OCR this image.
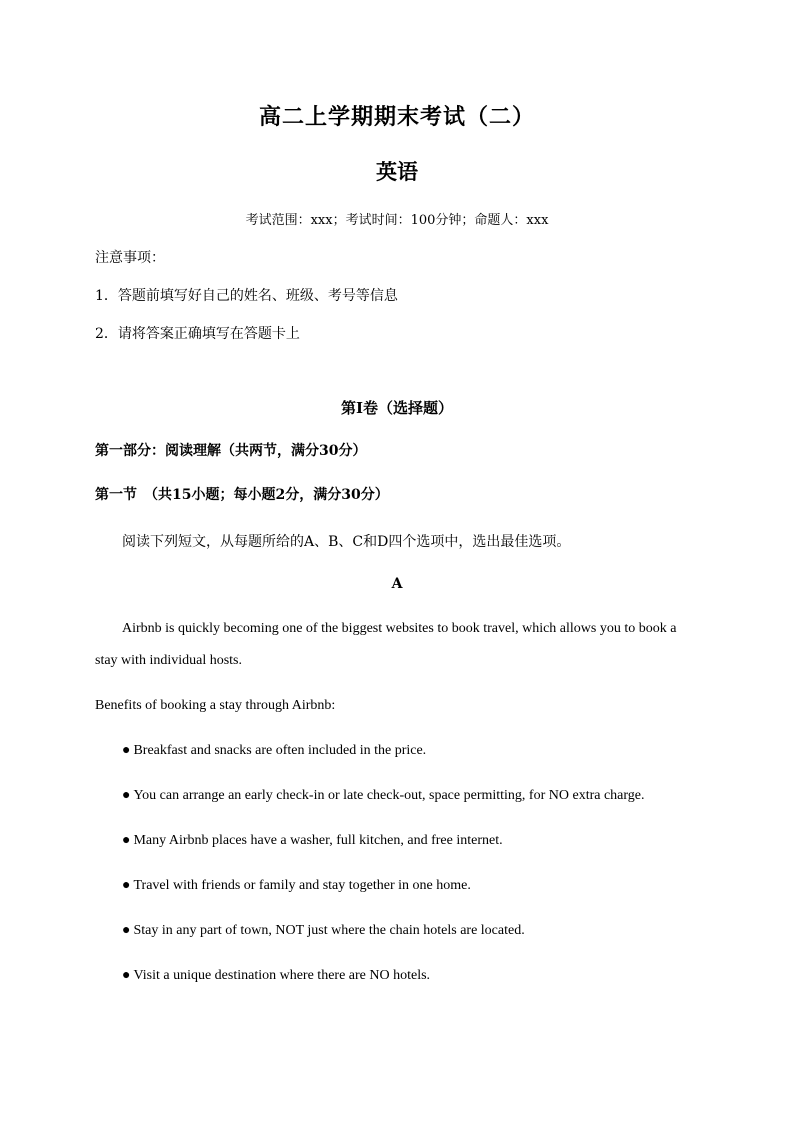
高二上学期期末考试（二）
英语
考试范围：xxx；考试时间：100分钟；命题人：xxx
注意事项：
1．答题前填写好自己的姓名、班级、考号等信息
2．请将答案正确填写在答题卡上
第I卷（选择题）
第一部分：阅读理解（共两节，满分30分）
第一节　（共15小题；每小题2分，满分30分）
阅读下列短文，从每题所给的A、B、C和D四个选项中，选出最佳选项。
A
Airbnb is quickly becoming one of the biggest websites to book travel, which allows you to book a
stay with individual hosts.
Benefits of booking a stay through Airbnb:
● Breakfast and snacks are often included in the price.
● You can arrange an early check-in or late check-out, space permitting, for NO extra charge.
● Many Airbnb places have a washer, full kitchen, and free internet.
● Travel with friends or family and stay together in one home.
● Stay in any part of town, NOT just where the chain hotels are located.
● Visit a unique destination where there are NO hotels.
